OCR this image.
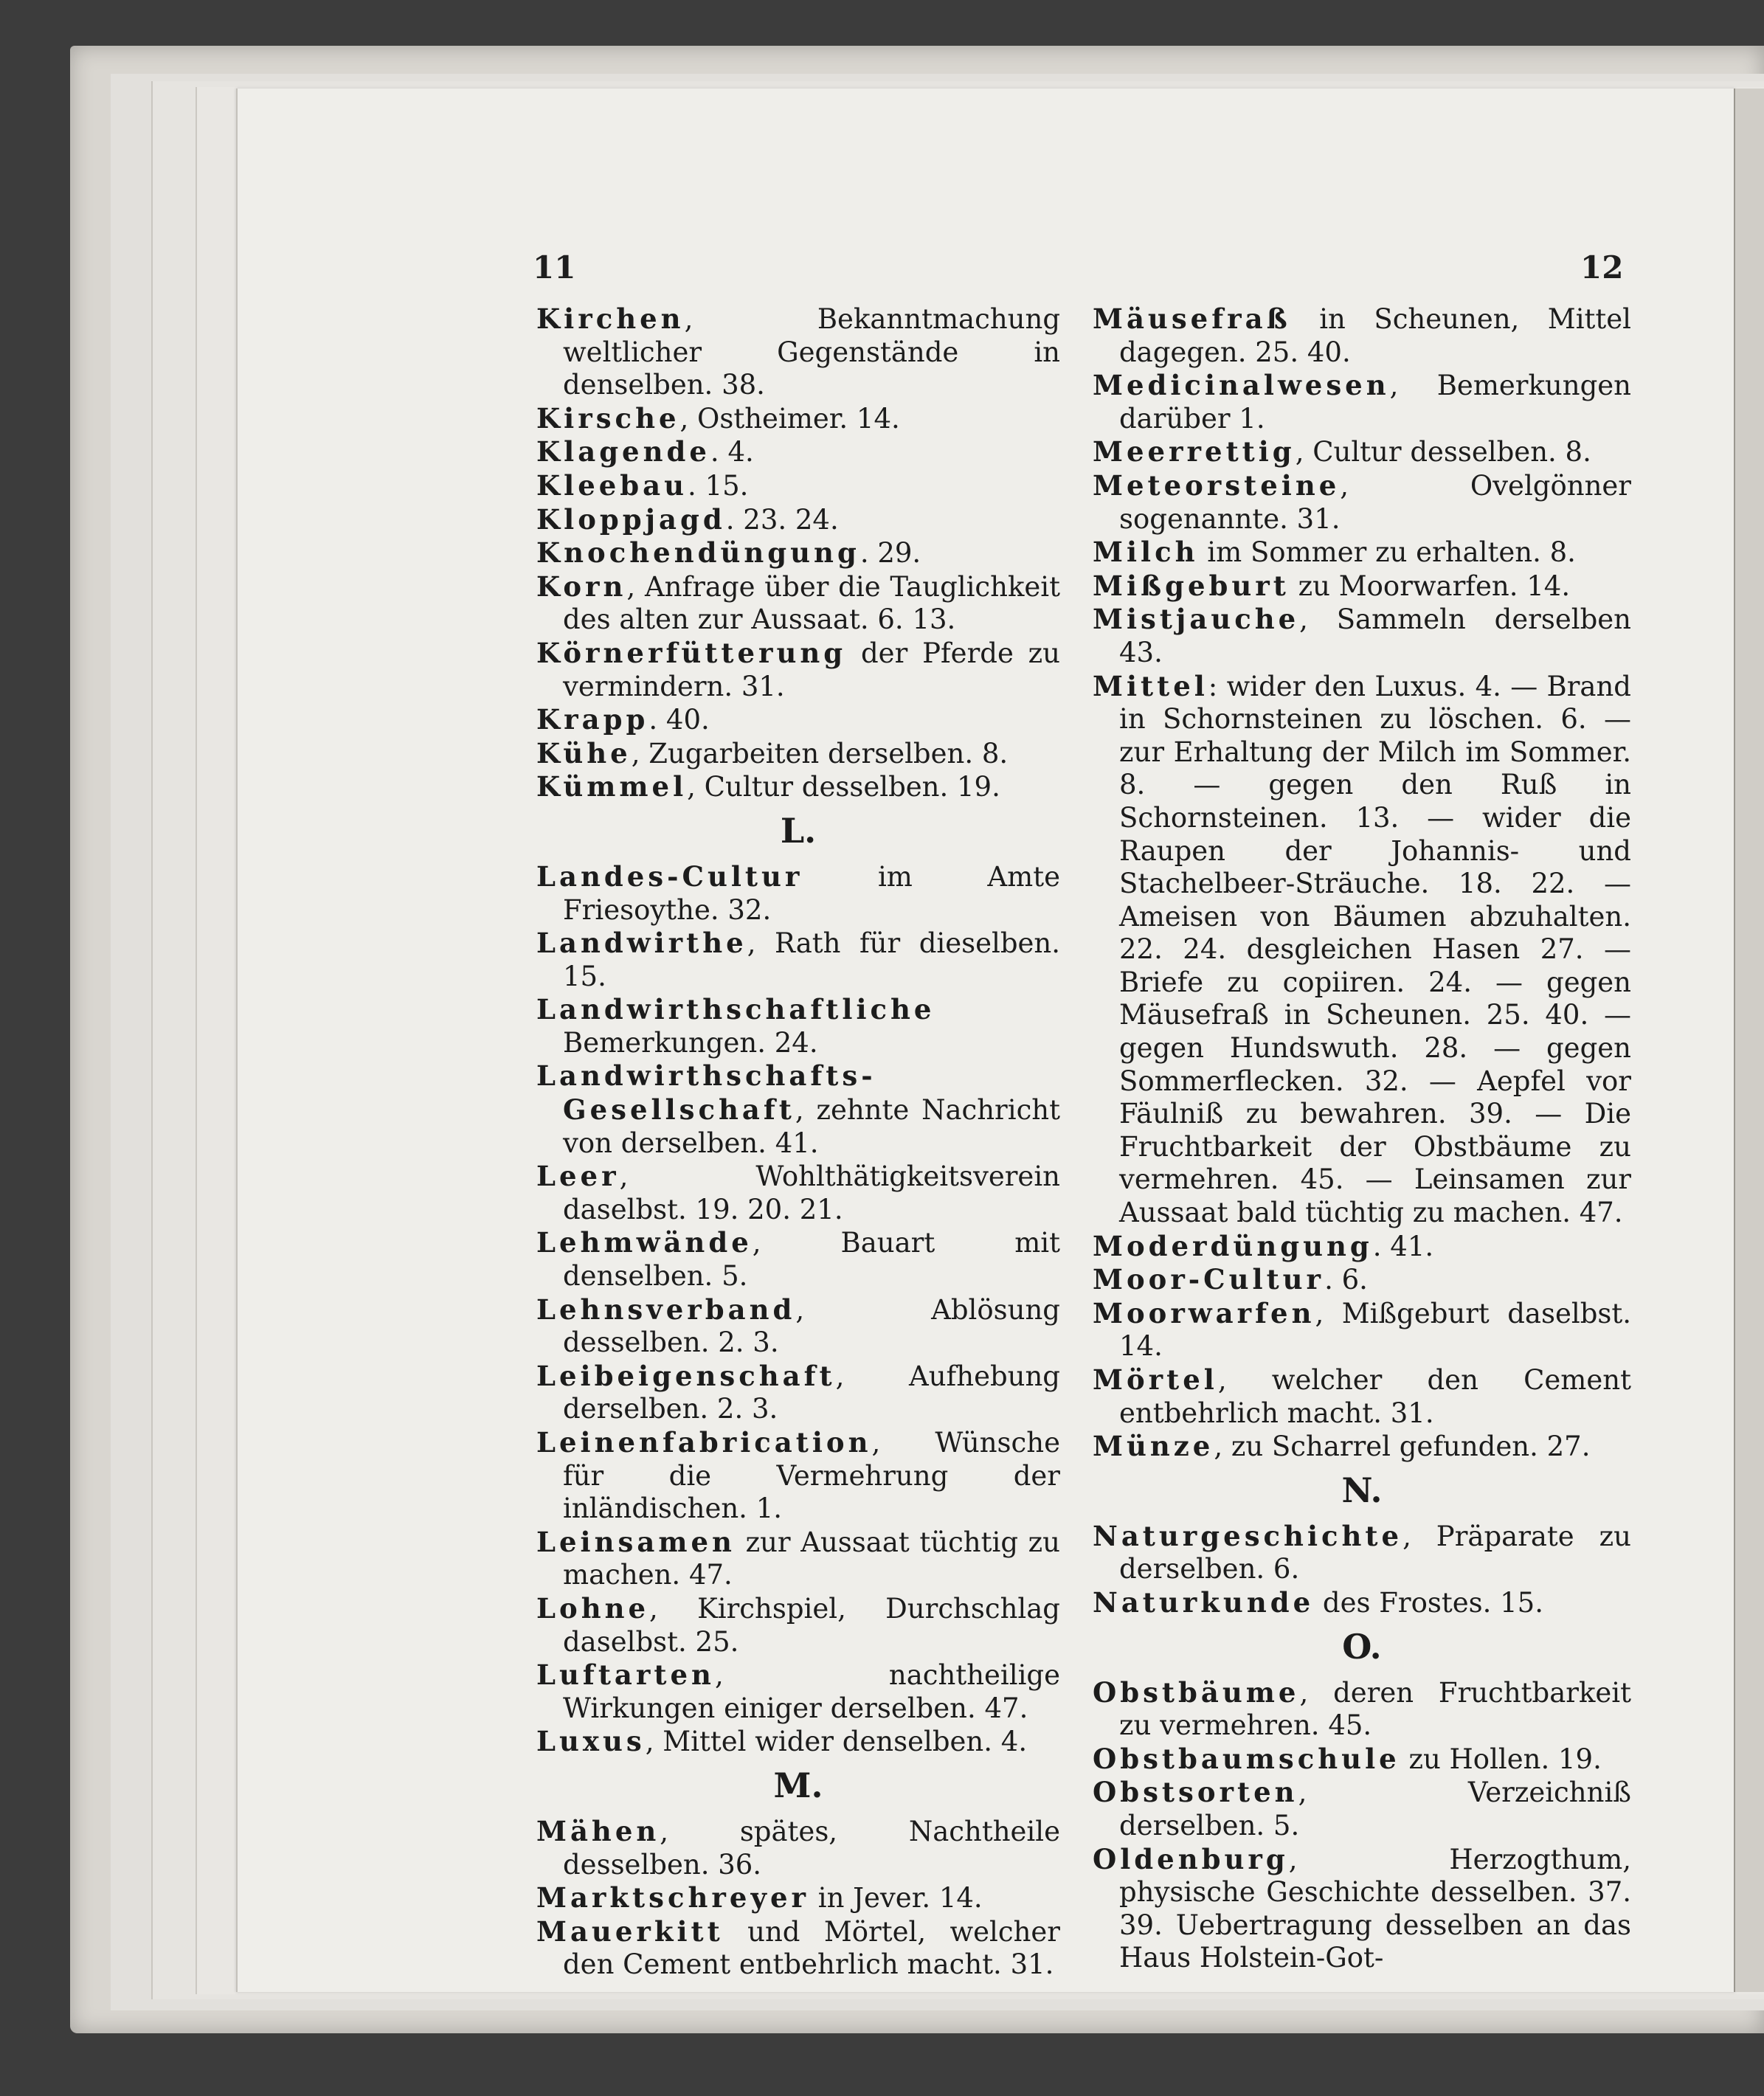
11	12

Kirchen, Bekanntmachung weltlicher Gegenstände in denselben. 38.

Kirsche, Ostheimer. 14.

Klagende. 4.

Kleebau. 15.

Kloppjagd. 23. 24.

Knochendüngung. 29.

Korn, Anfrage über die Tauglichkeit des alten zur Aussaat. 6. 13.

Körnerfütterung der Pferde zu vermindern. 31.

Krapp. 40.

Kühe, Zugarbeiten derselben. 8.

Kümmel, Cultur desselben. 19.

L.

Landes-Cultur im Amte Friesoythe. 32.

Landwirthe, Rath für dieselben. 15.

Landwirthschaftliche Bemerkungen. 24.

Landwirthschafts-Gesellschaft, zehnte Nachricht von derselben. 41.

Leer, Wohlthätigkeitsverein daselbst. 19. 20. 21.

Lehmwände, Bauart mit denselben. 5.

Lehnsverband, Ablösung desselben. 2. 3.

Leibeigenschaft, Aufhebung derselben. 2. 3.

Leinenfabrication, Wünsche für die Vermehrung der inländischen. 1.

Leinsamen zur Aussaat tüchtig zu machen. 47.

Lohne, Kirchspiel, Durchschlag daselbst. 25.

Luftarten, nachtheilige Wirkungen einiger derselben. 47.

Luxus, Mittel wider denselben. 4.

M.

Mähen, spätes, Nachtheile desselben. 36.

Marktschreyer in Jever. 14.

Mauerkitt und Mörtel, welcher den Cement entbehrlich macht. 31.

Mäusefraß in Scheunen, Mittel dagegen. 25. 40.

Medicinalwesen, Bemerkungen darüber 1.

Meerrettig, Cultur desselben. 8.

Meteorsteine, Ovelgönner sogenannte. 31.

Milch im Sommer zu erhalten. 8.

Mißgeburt zu Moorwarfen. 14.

Mistjauche, Sammeln derselben 43.

Mittel: wider den Luxus. 4. — Brand in Schornsteinen zu löschen. 6. — zur Erhaltung der Milch im Sommer. 8. — gegen den Ruß in Schornsteinen. 13. — wider die Raupen der Johannis- und Stachelbeer-Sträuche. 18. 22. — Ameisen von Bäumen abzuhalten. 22. 24. desgleichen Hasen 27. — Briefe zu copiiren. 24. — gegen Mäusefraß in Scheunen. 25. 40. — gegen Hundswuth. 28. — gegen Sommerflecken. 32. — Aepfel vor Fäulniß zu bewahren. 39. — Die Fruchtbarkeit der Obstbäume zu vermehren. 45. — Leinsamen zur Aussaat bald tüchtig zu machen. 47.

Moderdüngung. 41.

Moor-Cultur. 6.

Moorwarfen, Mißgeburt daselbst. 14.

Mörtel, welcher den Cement entbehrlich macht. 31.

Münze, zu Scharrel gefunden. 27.

N.

Naturgeschichte, Präparate zu derselben. 6.

Naturkunde des Frostes. 15.

O.

Obstbäume, deren Fruchtbarkeit zu vermehren. 45.

Obstbaumschule zu Hollen. 19.

Obstsorten, Verzeichniß derselben. 5.

Oldenburg, Herzogthum, physische Geschichte desselben. 37. 39. Uebertragung desselben an das Haus Holstein-Got-
